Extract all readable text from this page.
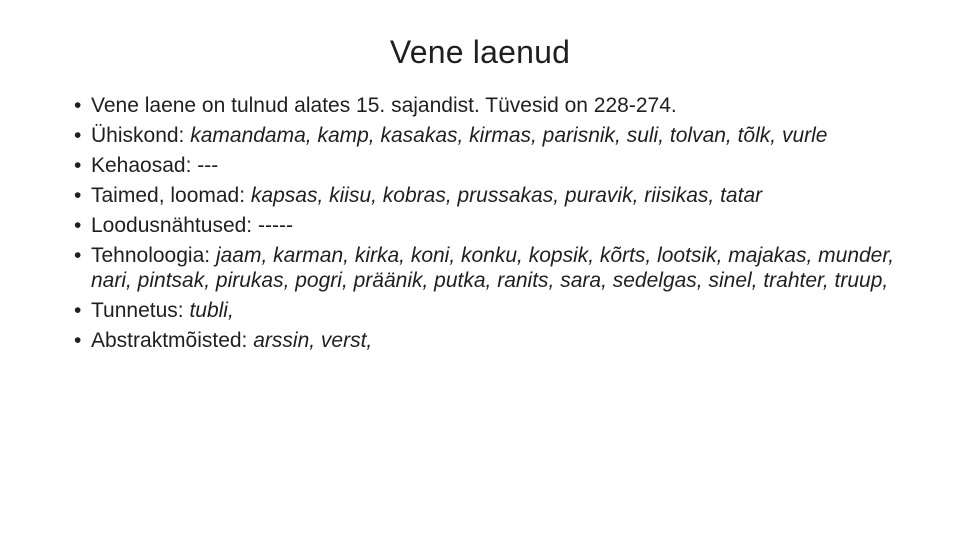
Vene laenud
• Vene laene on tulnud alates 15. sajandist. Tüvesid on 228-274.
• Ühiskond: kamandama, kamp, kasakas, kirmas, parisnik, suli, tolvan, tõlk, vurle
• Kehaosad: ---
• Taimed, loomad: kapsas, kiisu, kobras, prussakas, puravik, riisikas, tatar
• Loodusnähtused: -----
• Tehnoloogia: jaam, karman, kirka, koni, konku, kopsik, kõrts, lootsik, majakas, munder, nari, pintsak, pirukas, pogri, präänik, putka, ranits, sara, sedelgas, sinel, trahter, truup,
• Tunnetus: tubli,
• Abstraktmõisted: arssin, verst,
